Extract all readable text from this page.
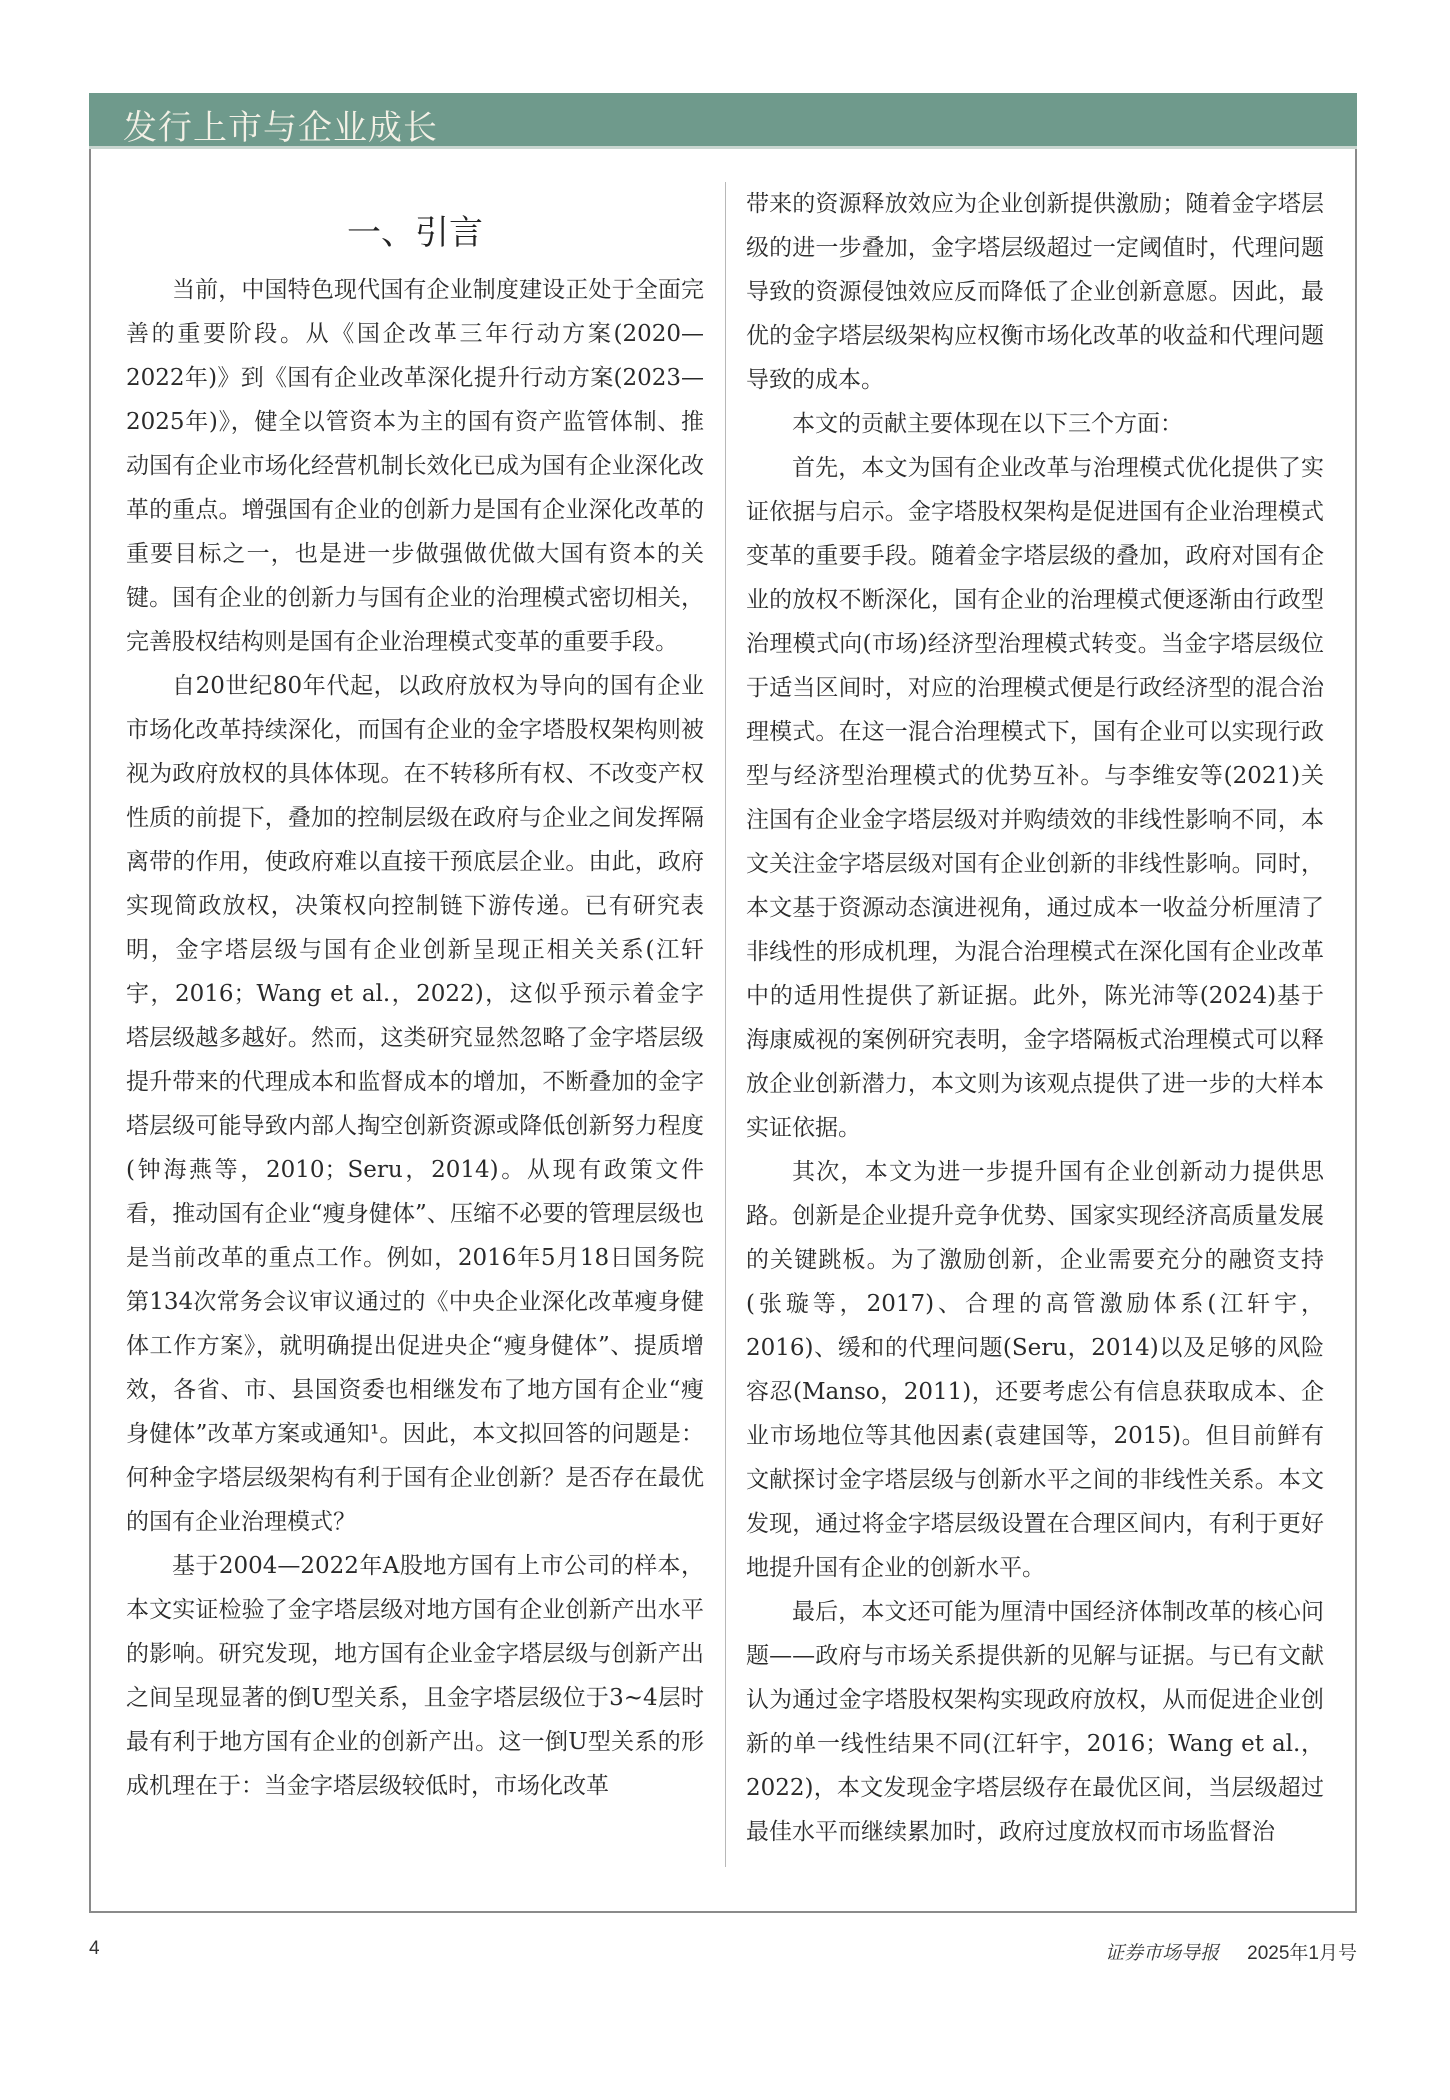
发行上市与企业成长
一、引言

当前，中国特色现代国有企业制度建设正处于全面完善的重要阶段。从《国企改革三年行动方案(2020—2022年)》到《国有企业改革深化提升行动方案(2023—2025年)》，健全以管资本为主的国有资产监管体制、推动国有企业市场化经营机制长效化已成为国有企业深化改革的重点。增强国有企业的创新力是国有企业深化改革的重要目标之一，也是进一步做强做优做大国有资本的关键。国有企业的创新力与国有企业的治理模式密切相关，完善股权结构则是国有企业治理模式变革的重要手段。

自20世纪80年代起，以政府放权为导向的国有企业市场化改革持续深化，而国有企业的金字塔股权架构则被视为政府放权的具体体现。在不转移所有权、不改变产权性质的前提下，叠加的控制层级在政府与企业之间发挥隔离带的作用，使政府难以直接干预底层企业。由此，政府实现简政放权，决策权向控制链下游传递。已有研究表明，金字塔层级与国有企业创新呈现正相关关系(江轩宇，2016；Wang et al.，2022)，这似乎预示着金字塔层级越多越好。然而，这类研究显然忽略了金字塔层级提升带来的代理成本和监督成本的增加，不断叠加的金字塔层级可能导致内部人掏空创新资源或降低创新努力程度(钟海燕等，2010；Seru，2014)。从现有政策文件看，推动国有企业“瘦身健体”、压缩不必要的管理层级也是当前改革的重点工作。例如，2016年5月18日国务院第134次常务会议审议通过的《中央企业深化改革瘦身健体工作方案》，就明确提出促进央企“瘦身健体”、提质增效，各省、市、县国资委也相继发布了地方国有企业“瘦身健体”改革方案或通知¹。因此，本文拟回答的问题是：何种金字塔层级架构有利于国有企业创新？是否存在最优的国有企业治理模式？

基于2004—2022年A股地方国有上市公司的样本，本文实证检验了金字塔层级对地方国有企业创新产出水平的影响。研究发现，地方国有企业金字塔层级与创新产出之间呈现显著的倒U型关系，且金字塔层级位于3~4层时最有利于地方国有企业的创新产出。这一倒U型关系的形成机理在于：当金字塔层级较低时，市场化改革

带来的资源释放效应为企业创新提供激励；随着金字塔层级的进一步叠加，金字塔层级超过一定阈值时，代理问题导致的资源侵蚀效应反而降低了企业创新意愿。因此，最优的金字塔层级架构应权衡市场化改革的收益和代理问题导致的成本。

本文的贡献主要体现在以下三个方面：

首先，本文为国有企业改革与治理模式优化提供了实证依据与启示。金字塔股权架构是促进国有企业治理模式变革的重要手段。随着金字塔层级的叠加，政府对国有企业的放权不断深化，国有企业的治理模式便逐渐由行政型治理模式向(市场)经济型治理模式转变。当金字塔层级位于适当区间时，对应的治理模式便是行政经济型的混合治理模式。在这一混合治理模式下，国有企业可以实现行政型与经济型治理模式的优势互补。与李维安等(2021)关注国有企业金字塔层级对并购绩效的非线性影响不同，本文关注金字塔层级对国有企业创新的非线性影响。同时，本文基于资源动态演进视角，通过成本一收益分析厘清了非线性的形成机理，为混合治理模式在深化国有企业改革中的适用性提供了新证据。此外，陈光沛等(2024)基于海康威视的案例研究表明，金字塔隔板式治理模式可以释放企业创新潜力，本文则为该观点提供了进一步的大样本实证依据。

其次，本文为进一步提升国有企业创新动力提供思路。创新是企业提升竞争优势、国家实现经济高质量发展的关键跳板。为了激励创新，企业需要充分的融资支持(张璇等，2017)、合理的高管激励体系(江轩宇，2016)、缓和的代理问题(Seru，2014)以及足够的风险容忍(Manso，2011)，还要考虑公有信息获取成本、企业市场地位等其他因素(袁建国等，2015)。但目前鲜有文献探讨金字塔层级与创新水平之间的非线性关系。本文发现，通过将金字塔层级设置在合理区间内，有利于更好地提升国有企业的创新水平。

最后，本文还可能为厘清中国经济体制改革的核心问题——政府与市场关系提供新的见解与证据。与已有文献认为通过金字塔股权架构实现政府放权，从而促进企业创新的单一线性结果不同(江轩宇，2016；Wang et al.，2022)，本文发现金字塔层级存在最优区间，当层级超过最佳水平而继续累加时，政府过度放权而市场监督治

4	证券市场导报 2025年1月号
